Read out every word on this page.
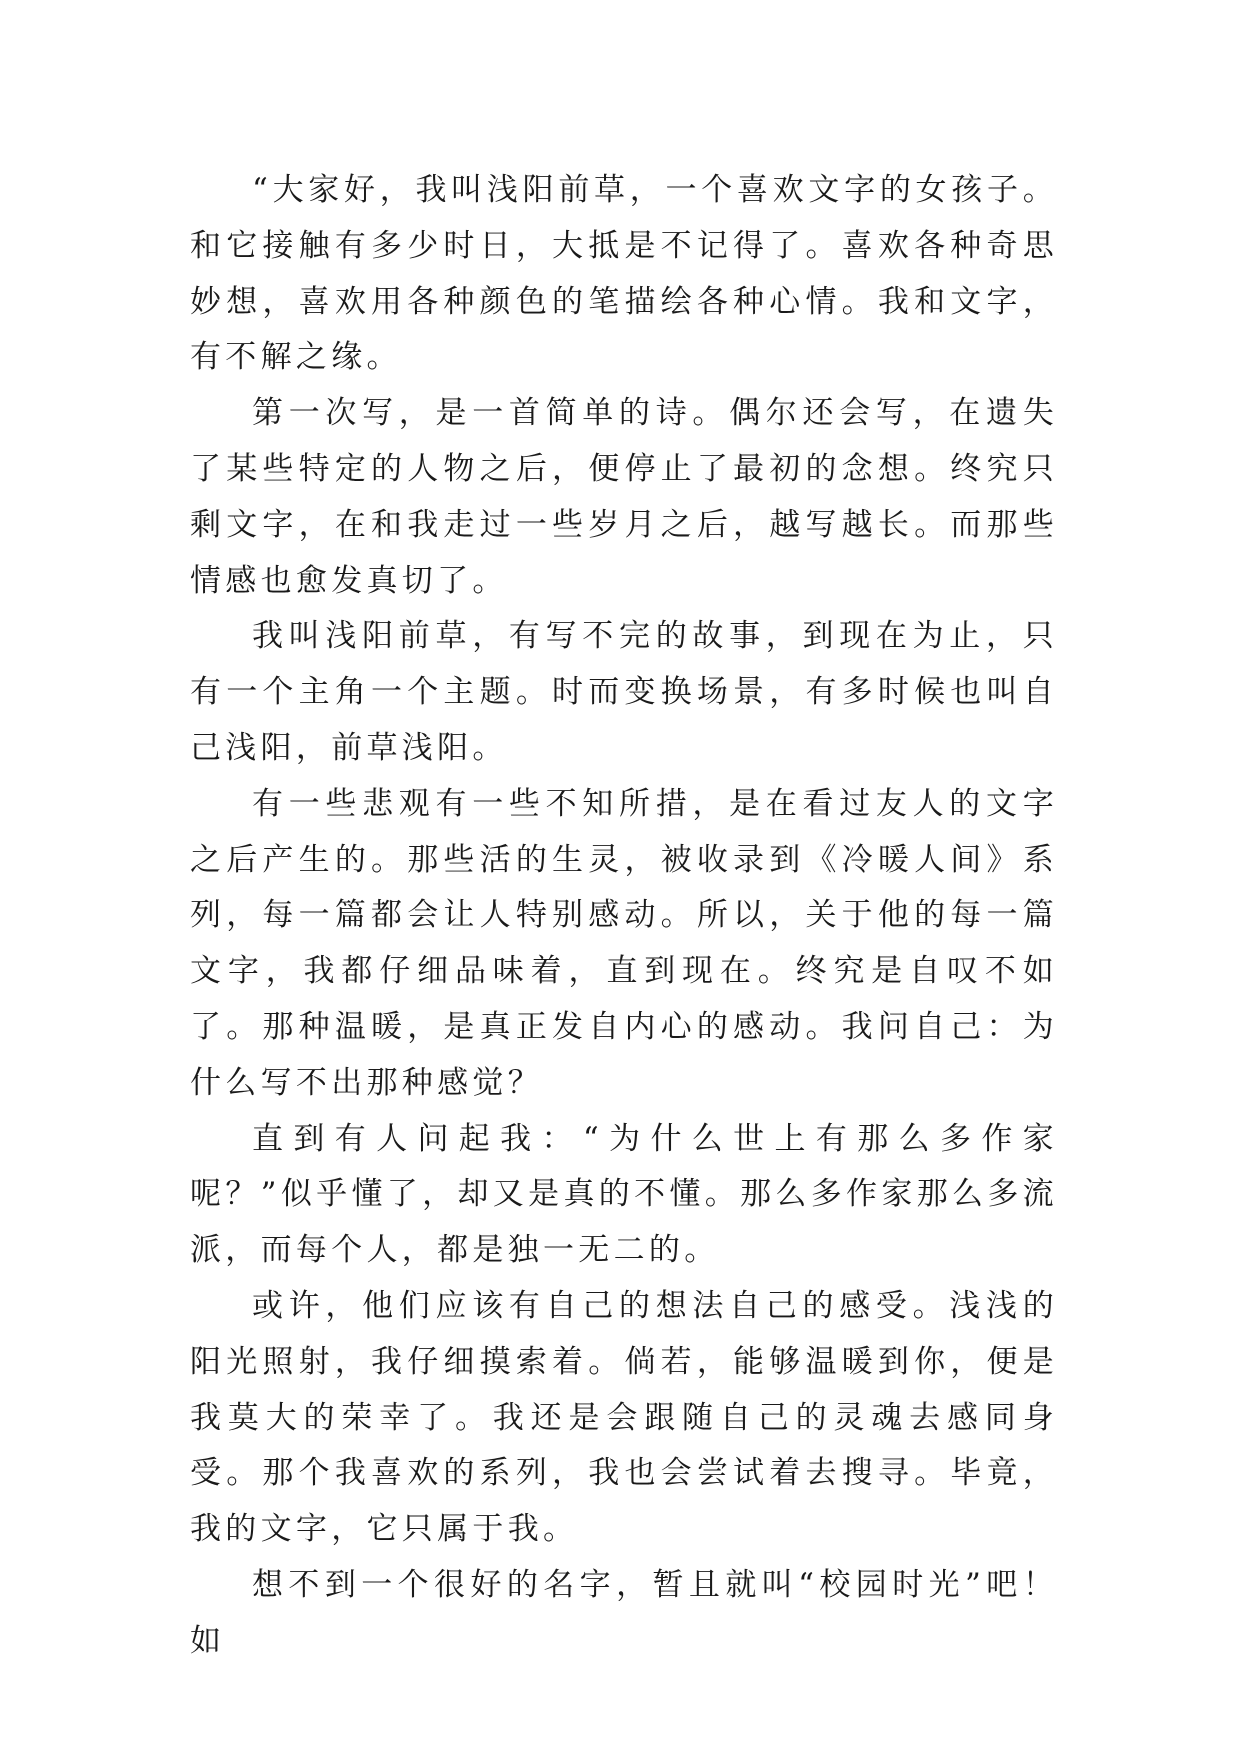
“大家好，我叫浅阳前草，一个喜欢文字的女孩子。和它接触有多少时日，大抵是不记得了。喜欢各种奇思妙想，喜欢用各种颜色的笔描绘各种心情。我和文字，有不解之缘。

第一次写，是一首简单的诗。偶尔还会写，在遗失了某些特定的人物之后，便停止了最初的念想。终究只剩文字，在和我走过一些岁月之后，越写越长。而那些情感也愈发真切了。

我叫浅阳前草，有写不完的故事，到现在为止，只有一个主角一个主题。时而变换场景，有多时候也叫自己浅阳，前草浅阳。

有一些悲观有一些不知所措，是在看过友人的文字之后产生的。那些活的生灵，被收录到《冷暖人间》系列，每一篇都会让人特别感动。所以，关于他的每一篇文字，我都仔细品味着，直到现在。终究是自叹不如了。那种温暖，是真正发自内心的感动。我问自己：为什么写不出那种感觉？

直到有人问起我：“为什么世上有那么多作家呢？”似乎懂了，却又是真的不懂。那么多作家那么多流派，而每个人，都是独一无二的。

或许，他们应该有自己的想法自己的感受。浅浅的阳光照射，我仔细摸索着。倘若，能够温暖到你，便是我莫大的荣幸了。我还是会跟随自己的灵魂去感同身受。那个我喜欢的系列，我也会尝试着去搜寻。毕竟，我的文字，它只属于我。

想不到一个很好的名字，暂且就叫“校园时光”吧！如
